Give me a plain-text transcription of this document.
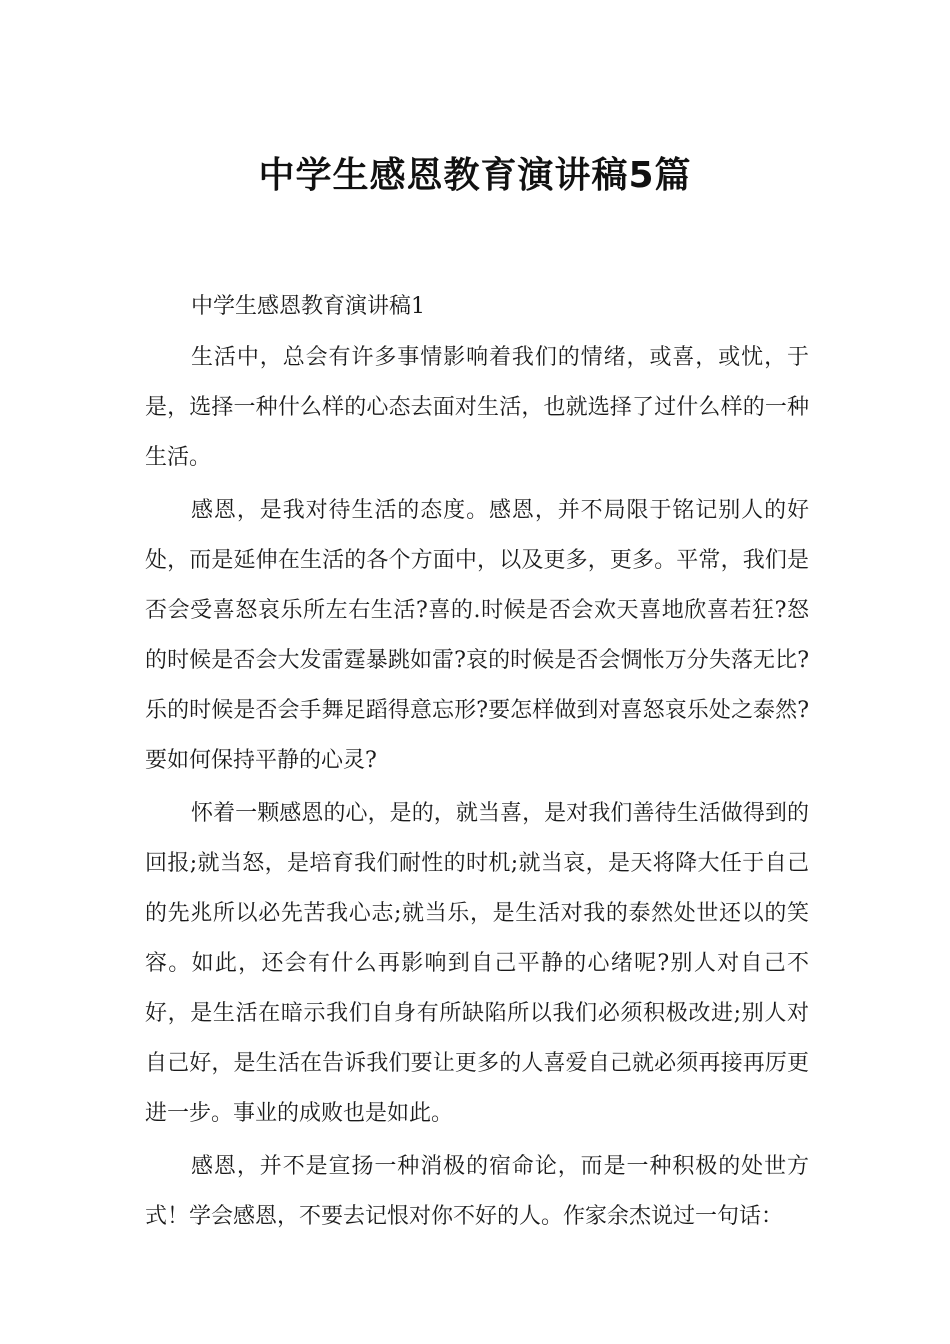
中学生感恩教育演讲稿5篇

中学生感恩教育演讲稿1

生活中，总会有许多事情影响着我们的情绪，或喜，或忧，于是，选择一种什么样的心态去面对生活，也就选择了过什么样的一种生活。

感恩，是我对待生活的态度。感恩，并不局限于铭记别人的好处，而是延伸在生活的各个方面中，以及更多，更多。平常，我们是否会受喜怒哀乐所左右生活?喜的.时候是否会欢天喜地欣喜若狂?怒的时候是否会大发雷霆暴跳如雷?哀的时候是否会惆怅万分失落无比?乐的时候是否会手舞足蹈得意忘形?要怎样做到对喜怒哀乐处之泰然?要如何保持平静的心灵?

怀着一颗感恩的心，是的，就当喜，是对我们善待生活做得到的回报;就当怒，是培育我们耐性的时机;就当哀，是天将降大任于自己的先兆所以必先苦我心志;就当乐，是生活对我的泰然处世还以的笑容。如此，还会有什么再影响到自己平静的心绪呢?别人对自己不好，是生活在暗示我们自身有所缺陷所以我们必须积极改进;别人对自己好，是生活在告诉我们要让更多的人喜爱自己就必须再接再厉更进一步。事业的成败也是如此。

感恩，并不是宣扬一种消极的宿命论，而是一种积极的处世方式！学会感恩，不要去记恨对你不好的人。作家余杰说过一句话：
